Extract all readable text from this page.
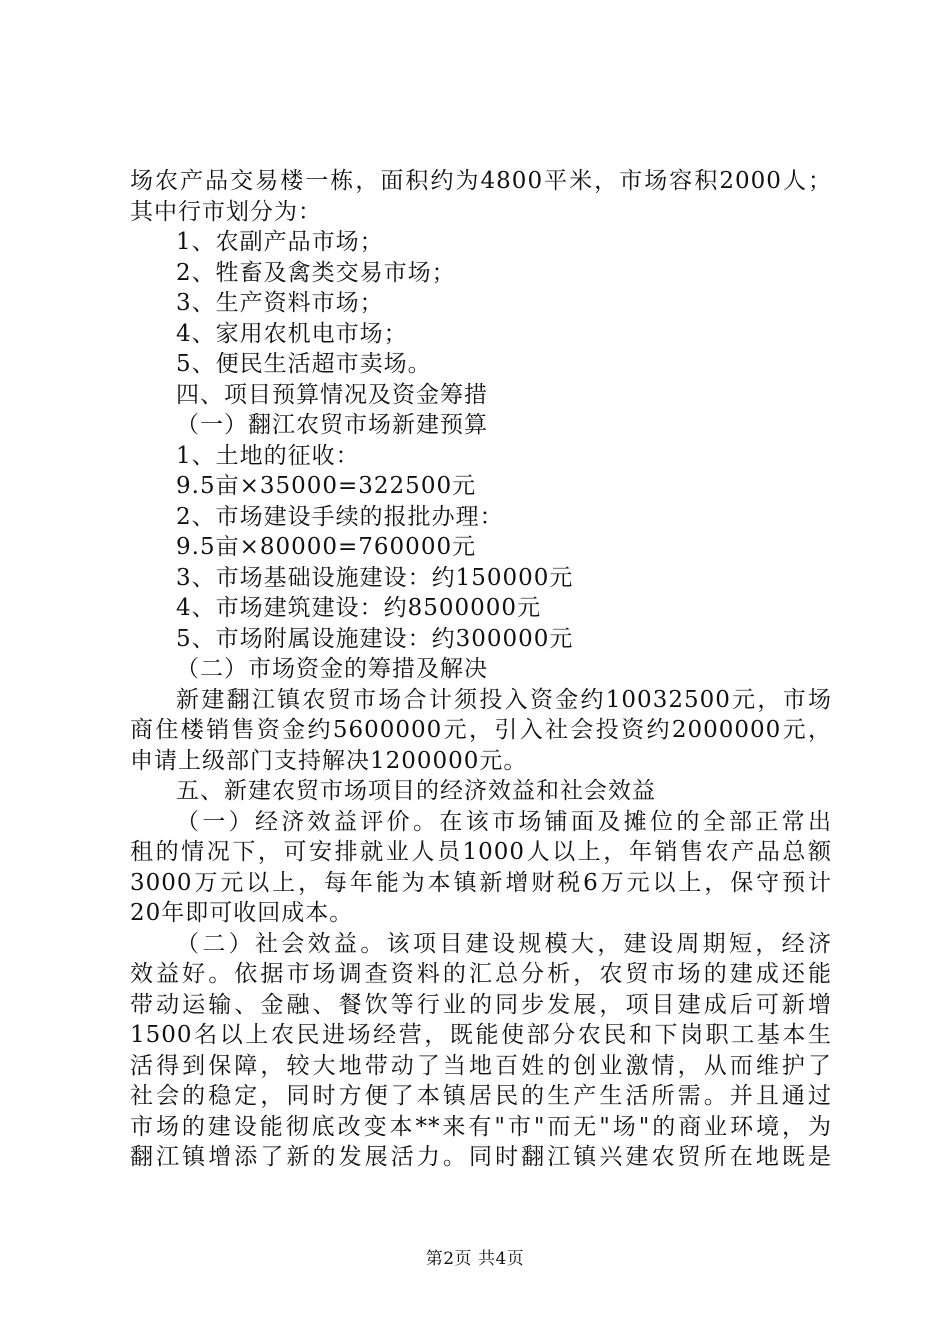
场农产品交易楼一栋，面积约为4800平米，市场容积2000人；
其中行市划分为：
1、农副产品市场；
2、牲畜及禽类交易市场；
3、生产资料市场；
4、家用农机电市场；
5、便民生活超市卖场。
四、项目预算情况及资金筹措
（一）翻江农贸市场新建预算
1、土地的征收：
9.5亩×35000=322500元
2、市场建设手续的报批办理：
9.5亩×80000=760000元
3、市场基础设施建设：约150000元
4、市场建筑建设：约8500000元
5、市场附属设施建设：约300000元
（二）市场资金的筹措及解决
新建翻江镇农贸市场合计须投入资金约10032500元，市场
商住楼销售资金约5600000元，引入社会投资约2000000元，
申请上级部门支持解决1200000元。
五、新建农贸市场项目的经济效益和社会效益
（一）经济效益评价。在该市场铺面及摊位的全部正常出
租的情况下，可安排就业人员1000人以上，年销售农产品总额
3000万元以上，每年能为本镇新增财税6万元以上，保守预计
20年即可收回成本。
（二）社会效益。该项目建设规模大，建设周期短，经济
效益好。依据市场调查资料的汇总分析，农贸市场的建成还能
带动运输、金融、餐饮等行业的同步发展，项目建成后可新增
1500名以上农民进场经营，既能使部分农民和下岗职工基本生
活得到保障，较大地带动了当地百姓的创业激情，从而维护了
社会的稳定，同时方便了本镇居民的生产生活所需。并且通过
市场的建设能彻底改变本**来有"市"而无"场"的商业环境，为
翻江镇增添了新的发展活力。同时翻江镇兴建农贸所在地既是
第2页 共4页
